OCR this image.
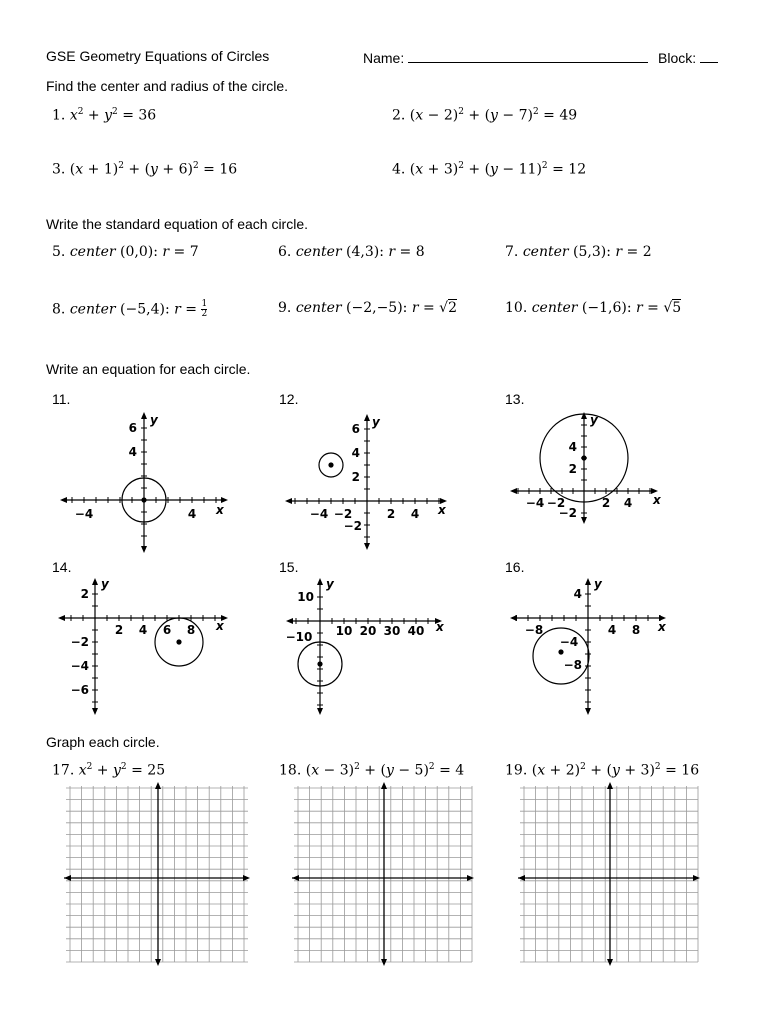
GSE Geometry Equations of Circles	Name:	Block:
Find the center and radius of the circle.
1. $x^2 + y^2 = 36$	2. $(x - 2)^2 + (y - 7)^2 = 49$
3. $(x + 1)^2 + (y + 6)^2 = 16$	4. $(x + 3)^2 + (y - 11)^2 = 12$
Write the standard equation of each circle.
5. center (0,0): r = 7	6. center (4,3): r = 8	7. center (5,3): r = 2
8. center (−5,4): $r = \frac{1}{2}$	9. center (−2,−5): r = √2	10. center (−1,6): r = √5
Write an equation for each circle.
11.	12.	13.
14.	15.	16.
−4	4
6
4
x
y
−4 −2	2 4
6
4
2
−2
x
y
−4 −2	2 4
4
2
−2
x
y
2 4 6 8
2
−2
−4
−6
x
y
−10 10 20 30 40
10
x
y
−8
−4
4 8
4
−8
x
y
Graph each circle.
17. $x^2 + y^2 = 25$	18. $(x - 3)^2 + (y - 5)^2 = 4$	19. $(x + 2)^2 + (y + 3)^2 = 16$
